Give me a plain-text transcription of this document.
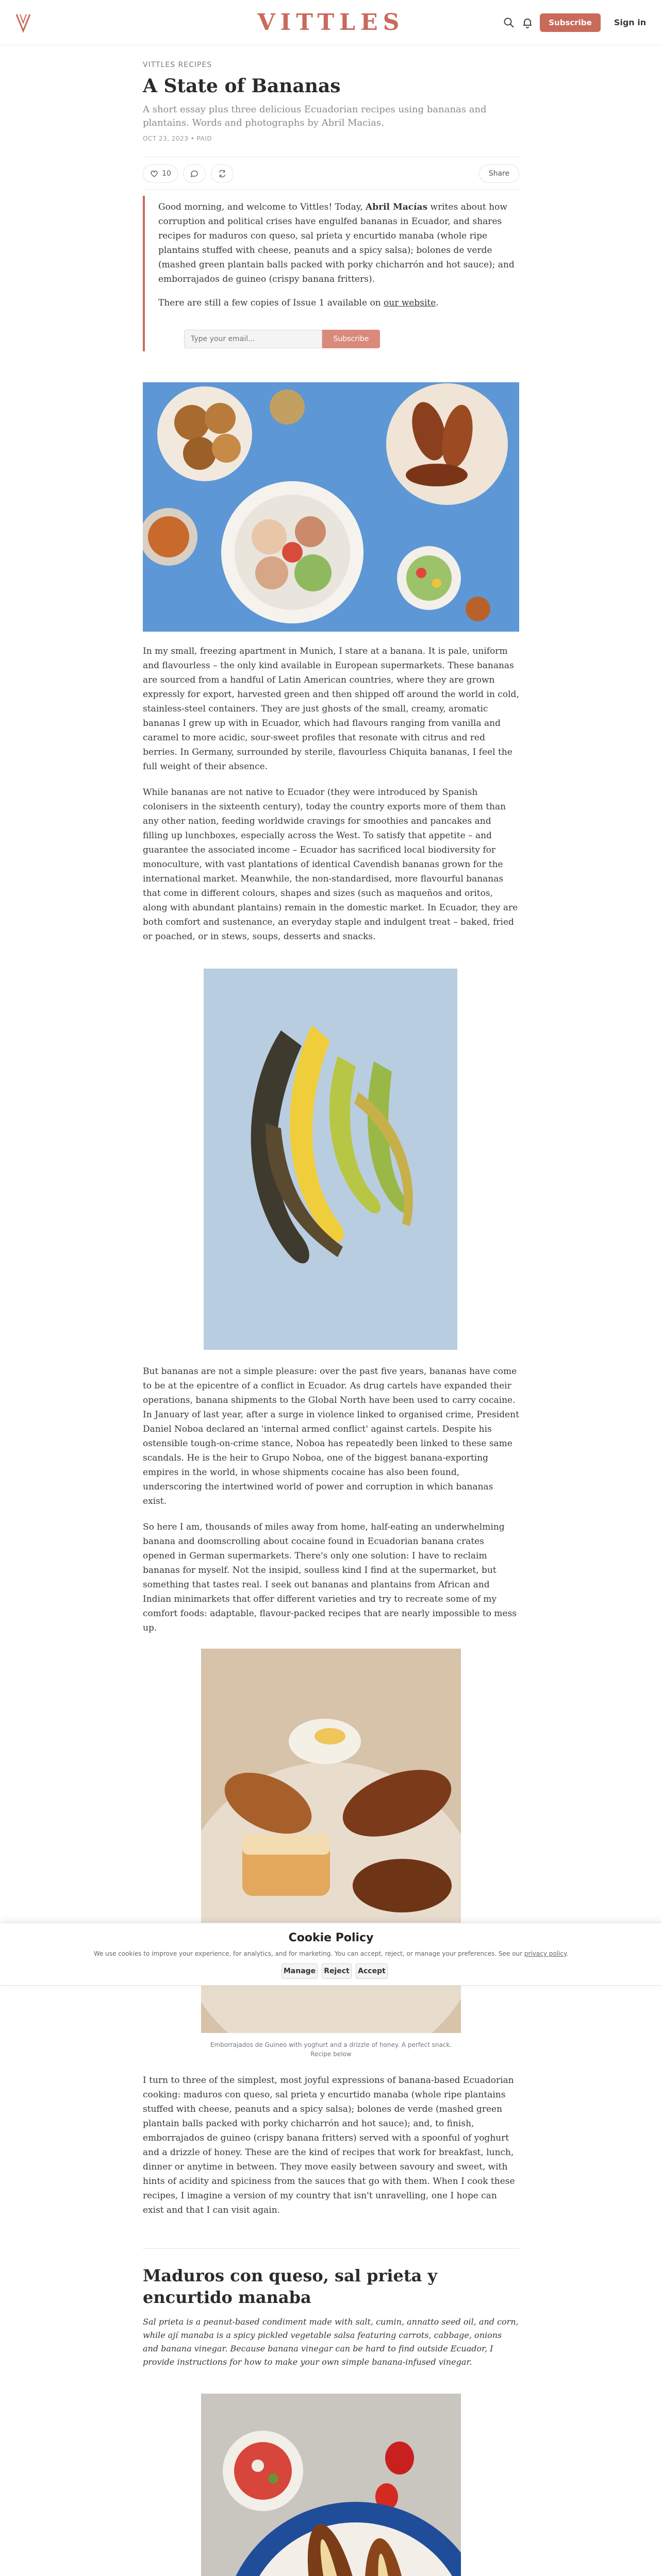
VITTLES	Subscribe	Sign in
VITTLES RECIPES
A State of Bananas
A short essay plus three delicious Ecuadorian recipes using bananas and plantains. Words and photographs by Abril Macias.
OCT 23, 2023 • PAID
10	Share

Good morning, and welcome to Vittles! Today, Abril Macías writes about how corruption and political crises have engulfed bananas in Ecuador, and shares recipes for maduros con queso, sal prieta y encurtido manaba (whole ripe plantains stuffed with cheese, peanuts and a spicy salsa); bolones de verde (mashed green plantain balls packed with porky chicharrón and hot sauce); and emborrajados de guineo (crispy banana fritters).

There are still a few copies of Issue 1 available on our website.

Type your email...
Subscribe

In my small, freezing apartment in Munich, I stare at a banana. It is pale, uniform and flavourless – the only kind available in European supermarkets. These bananas are sourced from a handful of Latin American countries, where they are grown expressly for export, harvested green and then shipped off around the world in cold, stainless-steel containers. They are just ghosts of the small, creamy, aromatic bananas I grew up with in Ecuador, which had flavours ranging from vanilla and caramel to more acidic, sour-sweet profiles that resonate with citrus and red berries. In Germany, surrounded by sterile, flavourless Chiquita bananas, I feel the full weight of their absence.

While bananas are not native to Ecuador (they were introduced by Spanish colonisers in the sixteenth century), today the country exports more of them than any other nation, feeding worldwide cravings for smoothies and pancakes and filling up lunchboxes, especially across the West. To satisfy that appetite – and guarantee the associated income – Ecuador has sacrificed local biodiversity for monoculture, with vast plantations of identical Cavendish bananas grown for the international market. Meanwhile, the non-standardised, more flavourful bananas that come in different colours, shapes and sizes (such as maqueños and oritos, along with abundant plantains) remain in the domestic market. In Ecuador, they are both comfort and sustenance, an everyday staple and indulgent treat – baked, fried or poached, or in stews, soups, desserts and snacks.

But bananas are not a simple pleasure: over the past five years, bananas have come to be at the epicentre of a conflict in Ecuador. As drug cartels have expanded their operations, banana shipments to the Global North have been used to carry cocaine. In January of last year, after a surge in violence linked to organised crime, President Daniel Noboa declared an 'internal armed conflict' against cartels. Despite his ostensible tough-on-crime stance, Noboa has repeatedly been linked to these same scandals. He is the heir to Grupo Noboa, one of the biggest banana-exporting empires in the world, in whose shipments cocaine has also been found, underscoring the intertwined world of power and corruption in which bananas exist.

So here I am, thousands of miles away from home, half-eating an underwhelming banana and doomscrolling about cocaine found in Ecuadorian banana crates opened in German supermarkets. There's only one solution: I have to reclaim bananas for myself. Not the insipid, soulless kind I find at the supermarket, but something that tastes real. I seek out bananas and plantains from African and Indian minimarkets that offer different varieties and try to recreate some of my comfort foods: adaptable, flavour-packed recipes that are nearly impossible to mess up.

Emborrajados de Guineo with yoghurt and a drizzle of honey. A perfect snack.
Recipe below

I turn to three of the simplest, most joyful expressions of banana-based Ecuadorian cooking: maduros con queso, sal prieta y encurtido manaba (whole ripe plantains stuffed with cheese, peanuts and a spicy salsa); bolones de verde (mashed green plantain balls packed with porky chicharrón and hot sauce); and, to finish, emborrajados de guineo (crispy banana fritters) served with a spoonful of yoghurt and a drizzle of honey. These are the kind of recipes that work for breakfast, lunch, dinner or anytime in between. They move easily between savoury and sweet, with hints of acidity and spiciness from the sauces that go with them. When I cook these recipes, I imagine a version of my country that isn't unravelling, one I hope can exist and that I can visit again.

Maduros con queso, sal prieta y encurtido manaba
Sal prieta is a peanut-based condiment made with salt, cumin, annatto seed oil, and corn, while ají manaba is a spicy pickled vegetable salsa featuring carrots, cabbage, onions and banana vinegar. Because banana vinegar can be hard to find outside Ecuador, I provide instructions for how to make your own simple banana-infused vinegar.
Cookie Policy
We use cookies to improve your experience, for analytics, and for marketing. You can accept, reject, or manage your preferences. See our privacy policy.
Manage	Reject	Accept
